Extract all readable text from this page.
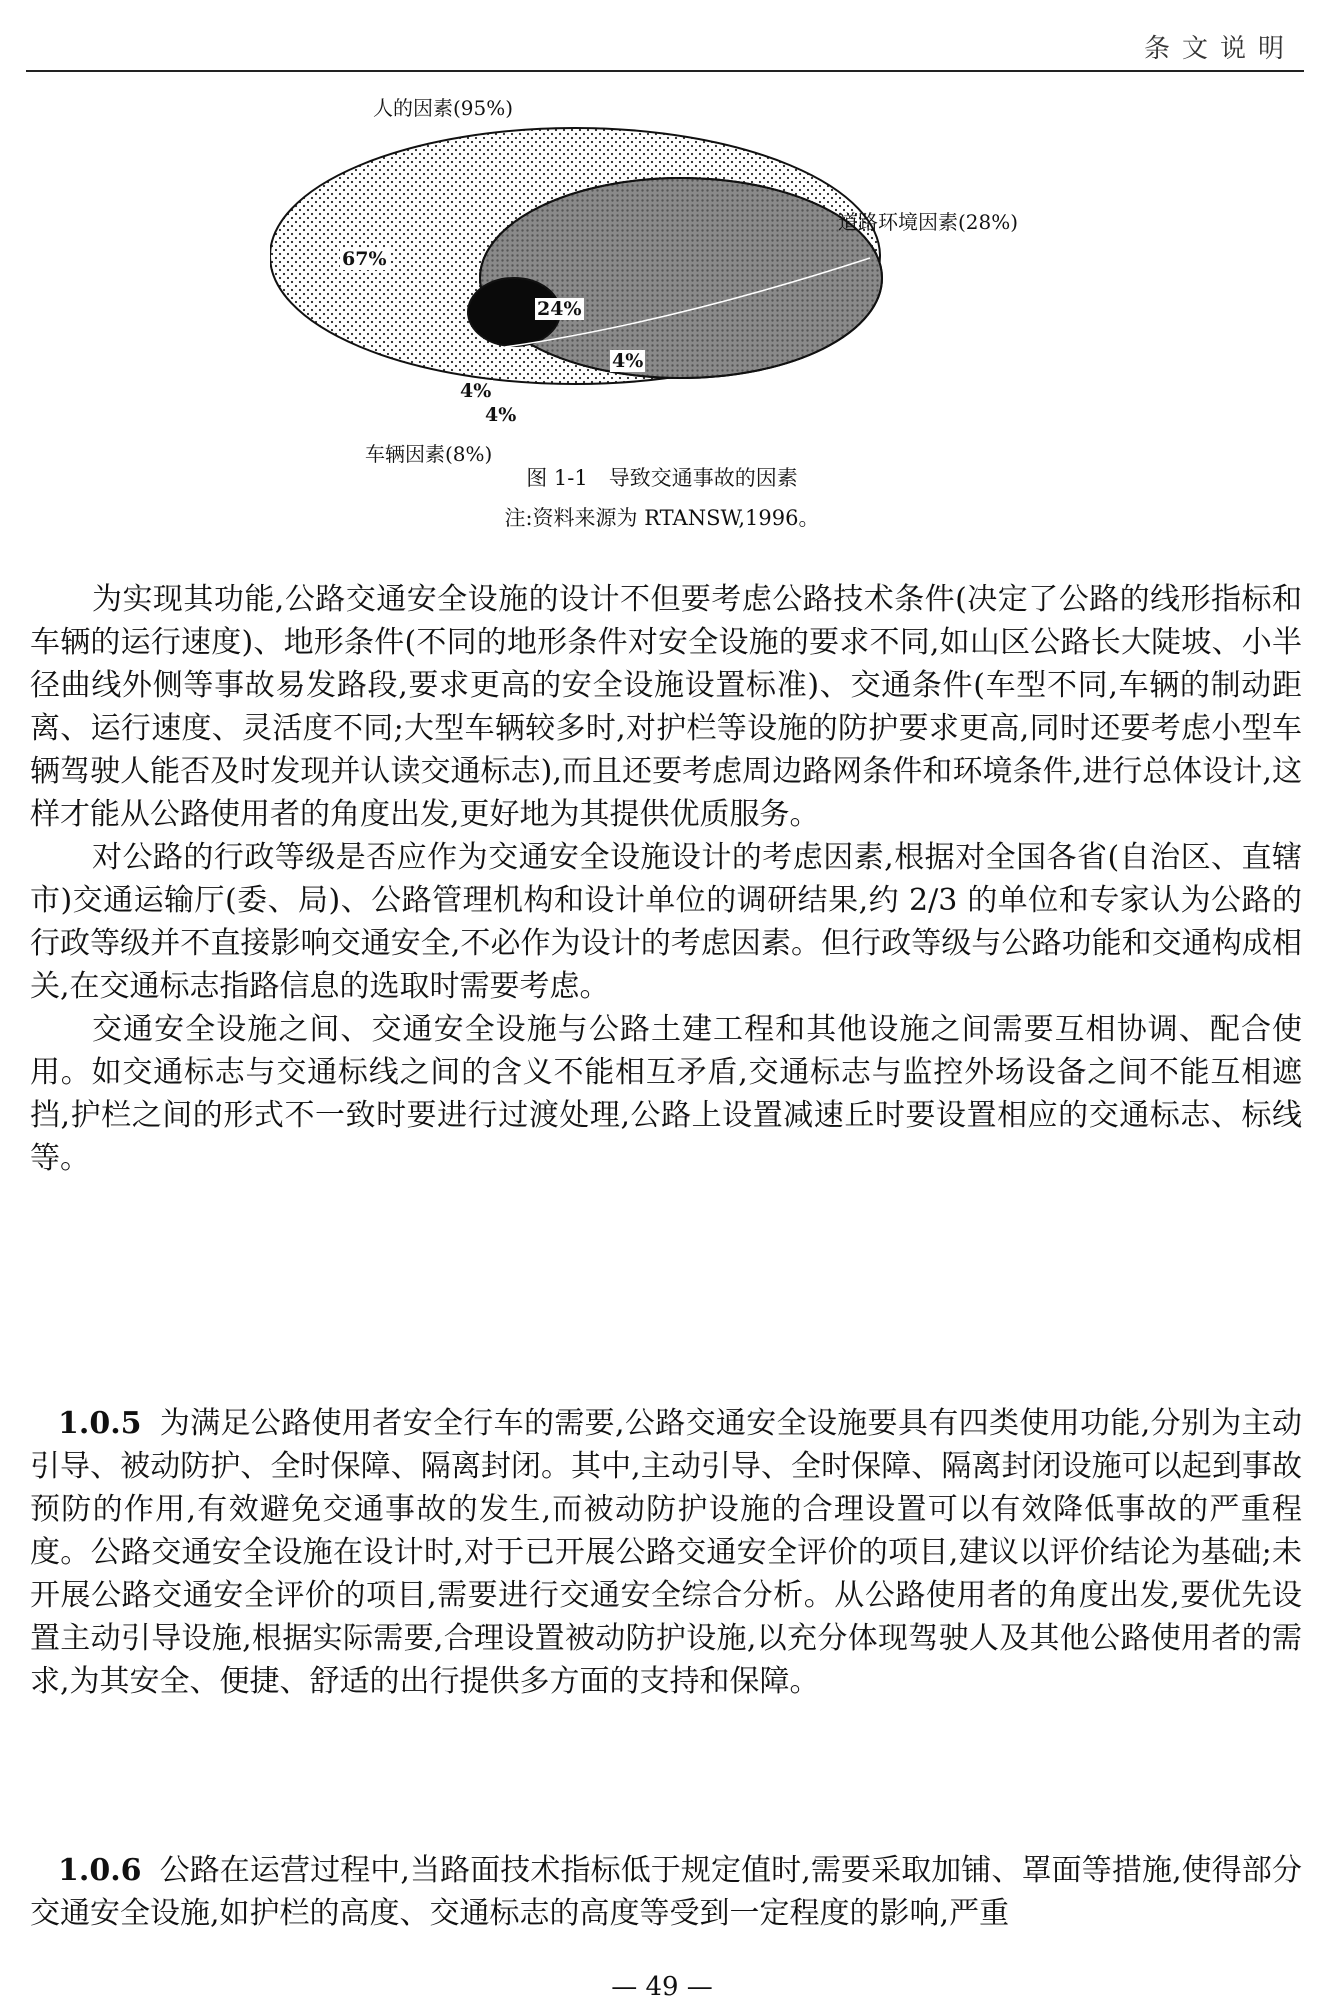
条文说明
人的因素(95%)
道路环境因素(28%)
车辆因素(8%)
67%
24%
4%
4%
4%
图 1-1　导致交通事故的因素
注:资料来源为 RTANSW,1996。

为实现其功能,公路交通安全设施的设计不但要考虑公路技术条件(决定了公路的线形指标和车辆的运行速度)、地形条件(不同的地形条件对安全设施的要求不同,如山区公路长大陡坡、小半径曲线外侧等事故易发路段,要求更高的安全设施设置标准)、交通条件(车型不同,车辆的制动距离、运行速度、灵活度不同;大型车辆较多时,对护栏等设施的防护要求更高,同时还要考虑小型车辆驾驶人能否及时发现并认读交通标志),而且还要考虑周边路网条件和环境条件,进行总体设计,这样才能从公路使用者的角度出发,更好地为其提供优质服务。

对公路的行政等级是否应作为交通安全设施设计的考虑因素,根据对全国各省(自治区、直辖市)交通运输厅(委、局)、公路管理机构和设计单位的调研结果,约 2/3 的单位和专家认为公路的行政等级并不直接影响交通安全,不必作为设计的考虑因素。但行政等级与公路功能和交通构成相关,在交通标志指路信息的选取时需要考虑。

交通安全设施之间、交通安全设施与公路土建工程和其他设施之间需要互相协调、配合使用。如交通标志与交通标线之间的含义不能相互矛盾,交通标志与监控外场设备之间不能互相遮挡,护栏之间的形式不一致时要进行过渡处理,公路上设置减速丘时要设置相应的交通标志、标线等。

1.0.5 为满足公路使用者安全行车的需要,公路交通安全设施要具有四类使用功能,分别为主动引导、被动防护、全时保障、隔离封闭。其中,主动引导、全时保障、隔离封闭设施可以起到事故预防的作用,有效避免交通事故的发生,而被动防护设施的合理设置可以有效降低事故的严重程度。公路交通安全设施在设计时,对于已开展公路交通安全评价的项目,建议以评价结论为基础;未开展公路交通安全评价的项目,需要进行交通安全综合分析。从公路使用者的角度出发,要优先设置主动引导设施,根据实际需要,合理设置被动防护设施,以充分体现驾驶人及其他公路使用者的需求,为其安全、便捷、舒适的出行提供多方面的支持和保障。

1.0.6 公路在运营过程中,当路面技术指标低于规定值时,需要采取加铺、罩面等措施,使得部分交通安全设施,如护栏的高度、交通标志的高度等受到一定程度的影响,严重

— 49 —
